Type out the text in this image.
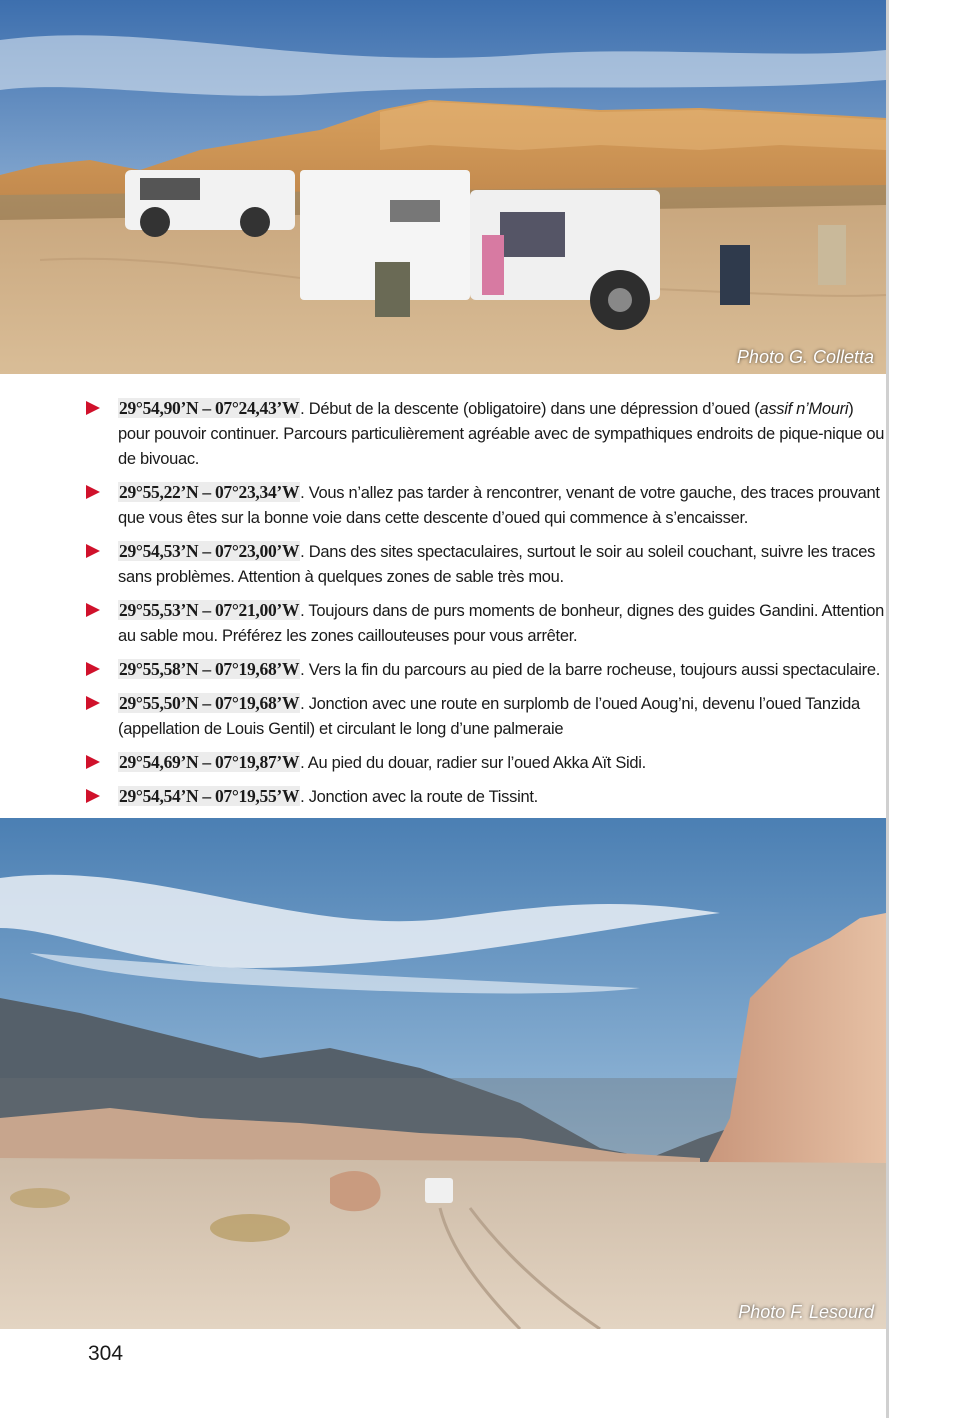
Photo G. Colletta
29°54,90’N – 07°24,43’W. Début de la descente (obligatoire) dans une dépression d’oued (assif n’Mouri) pour pouvoir continuer. Parcours particulièrement agréable avec de sympathiques endroits de pique-nique ou de bivouac.
29°55,22’N – 07°23,34’W. Vous n’allez pas tarder à rencontrer, venant de votre gauche, des traces prouvant que vous êtes sur la bonne voie dans cette descente d’oued qui commence à s’encaisser.
29°54,53’N – 07°23,00’W. Dans des sites spectaculaires, surtout le soir au soleil couchant, suivre les traces sans problèmes. Attention à quelques zones de sable très mou.
29°55,53’N – 07°21,00’W. Toujours dans de purs moments de bonheur, dignes des guides Gandini. Attention au sable mou. Préférez les zones caillouteuses pour vous arrêter.
29°55,58’N – 07°19,68’W. Vers la fin du parcours au pied de la barre rocheuse, toujours aussi spectaculaire.
29°55,50’N – 07°19,68’W. Jonction avec une route en surplomb de l’oued Aoug’ni, devenu l’oued Tanzida (appellation de Louis Gentil) et circulant le long d’une palmeraie
29°54,69’N – 07°19,87’W. Au pied du douar, radier sur l’oued Akka Aït Sidi.
29°54,54’N – 07°19,55’W. Jonction avec la route de Tissint.
Photo F. Lesourd
304
